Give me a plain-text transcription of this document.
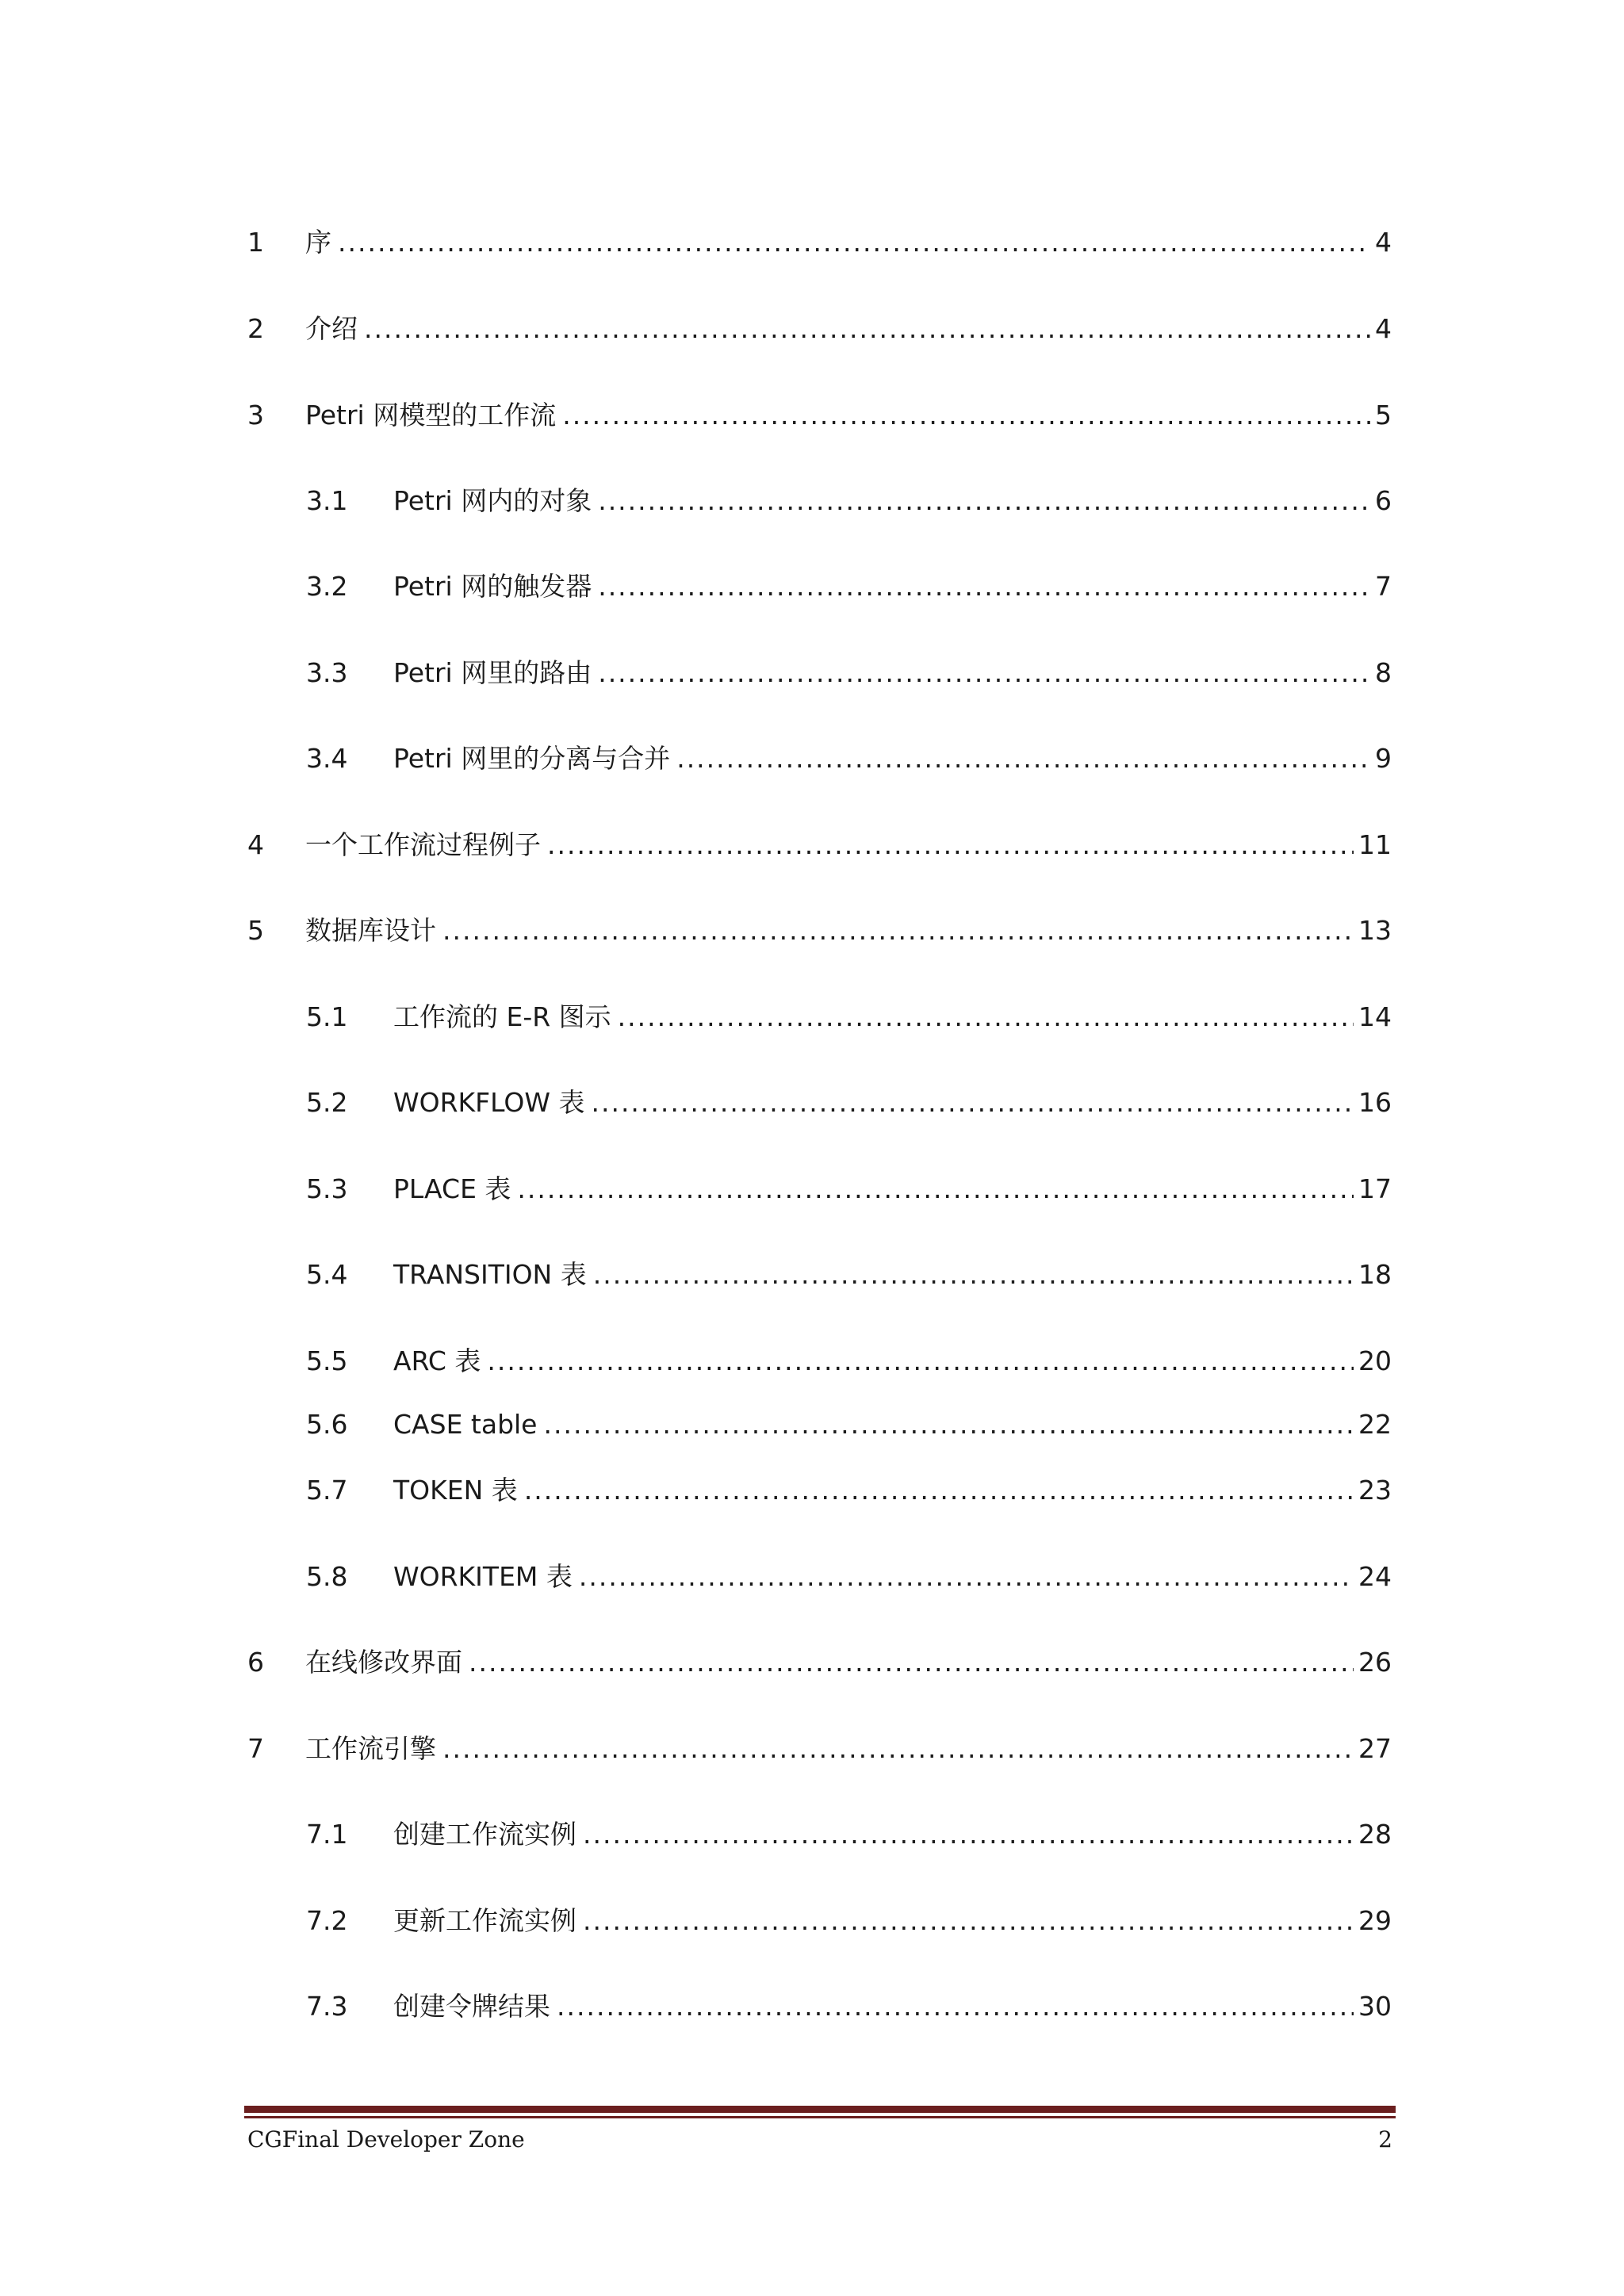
1	序 .....	4
2	介绍 .....	4
3	Petri 网模型的工作流 .....	5
3.1	Petri 网内的对象 .....	6
3.2	Petri 网的触发器 .....	7
3.3	Petri 网里的路由 .....	8
3.4	Petri 网里的分离与合并 .....	9
4	一个工作流过程例子 .....	11
5	数据库设计 .....	13
5.1	工作流的 E-R 图示 .....	14
5.2	WORKFLOW 表 .....	16
5.3	PLACE 表 .....	17
5.4	TRANSITION 表 .....	18
5.5	ARC 表 .....	20
5.6	CASE table .....	22
5.7	TOKEN 表 .....	23
5.8	WORKITEM 表 .....	24
6	在线修改界面 .....	26
7	工作流引擎 .....	27
7.1	创建工作流实例 .....	28
7.2	更新工作流实例 .....	29
7.3	创建令牌结果 .....	30
CGFinal Developer Zone	2
